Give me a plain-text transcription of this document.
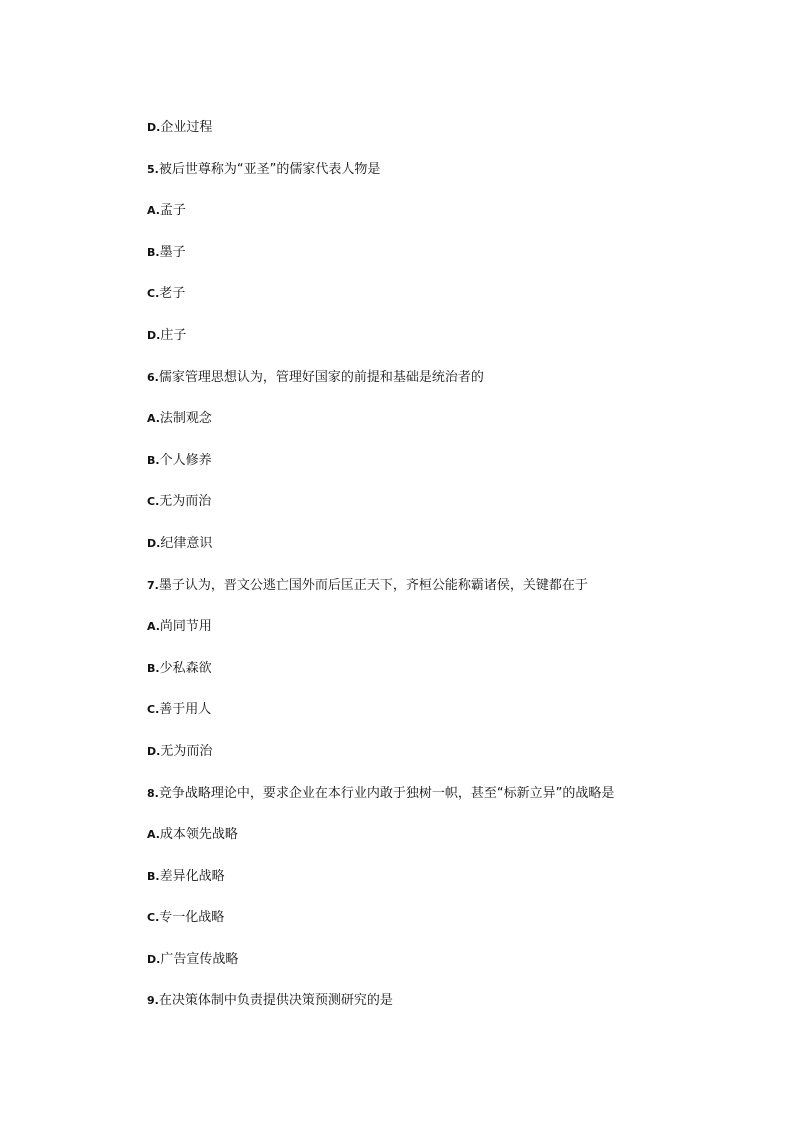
D.企业过程
5.被后世尊称为“亚圣”的儒家代表人物是
A.孟子
B.墨子
C.老子
D.庄子
6.儒家管理思想认为，管理好国家的前提和基础是统治者的
A.法制观念
B.个人修养
C.无为而治
D.纪律意识
7.墨子认为，晋文公逃亡国外而后匡正天下，齐桓公能称霸诸侯，关键都在于
A.尚同节用
B.少私森欲
C.善于用人
D.无为而治
8.竞争战略理论中，要求企业在本行业内敢于独树一帜，甚至“标新立异”的战略是
A.成本领先战略
B.差异化战略
C.专一化战略
D.广告宣传战略
9.在决策体制中负责提供决策预测研究的是
